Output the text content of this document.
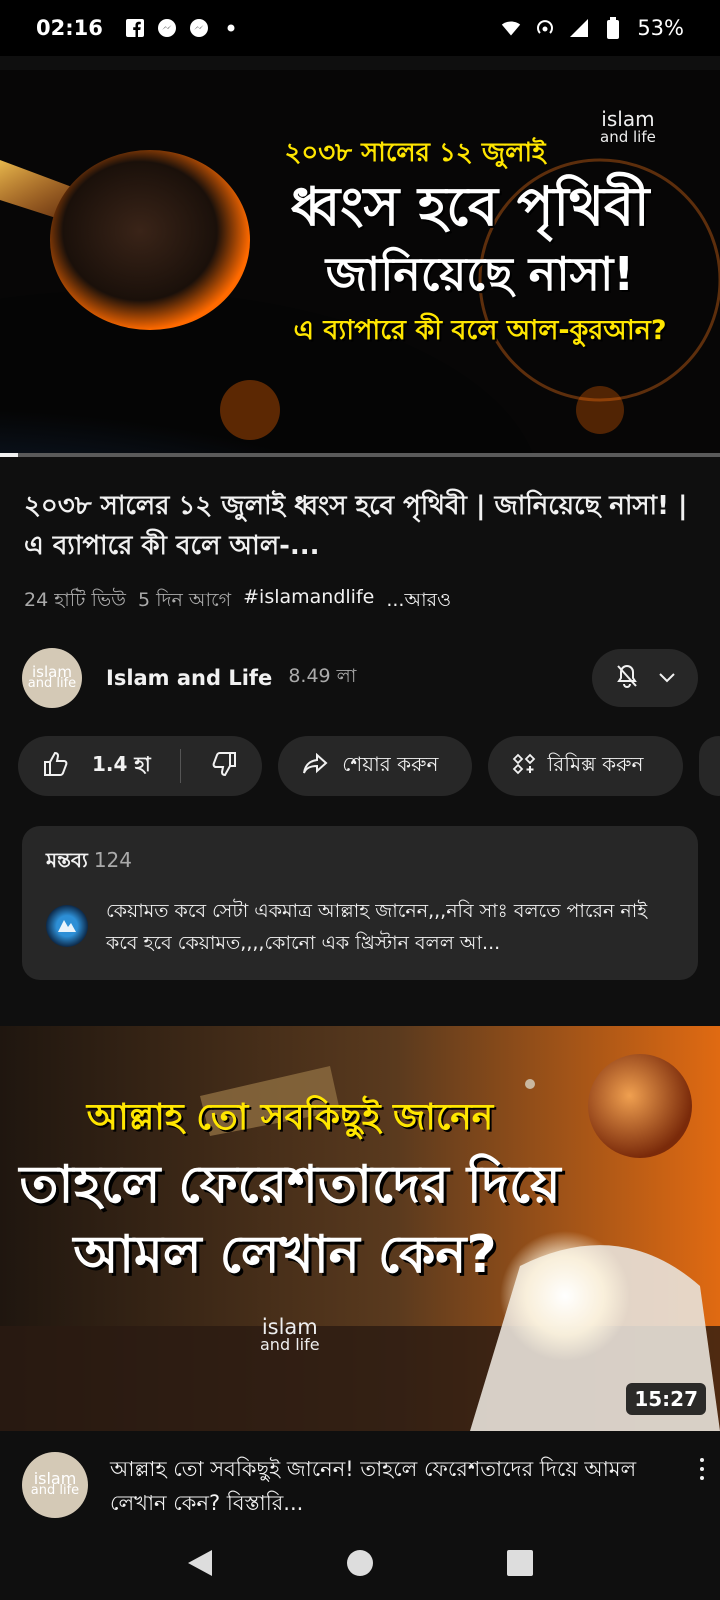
02:16	53%
২০৩৮ সালের ১২ জুলাই
ধ্বংস হবে পৃথিবী
জানিয়েছে নাসা!
এ ব্যাপারে কী বলে আল-কুরআন?
islam
and life
২০৩৮ সালের ১২ জুলাই ধ্বংস হবে পৃথিবী | জানিয়েছে নাসা! | এ ব্যাপারে কী বলে আল-...
24 হাটি ভিউ 5 দিন আগে #islamandlife ...আরও
islam
and life Islam and Life 8.49 লা
1.4 হা	শেয়ার করুন	রিমিক্স করুন
মন্তব্য 124
কেয়ামত কবে সেটা একমাত্র আল্লাহ জানেন,,,নবি সাঃ বলতে পারেন নাই কবে হবে কেয়ামত,,,,কোনো এক খ্রিস্টান বলল আ...
আল্লাহ তো সবকিছুই জানেন
তাহলে ফেরেশতাদের দিয়ে
আমল লেখান কেন?
islam
and life
15:27
islam
and life
আল্লাহ তো সবকিছুই জানেন! তাহলে ফেরেশতাদের দিয়ে আমল লেখান কেন? বিস্তারি...
